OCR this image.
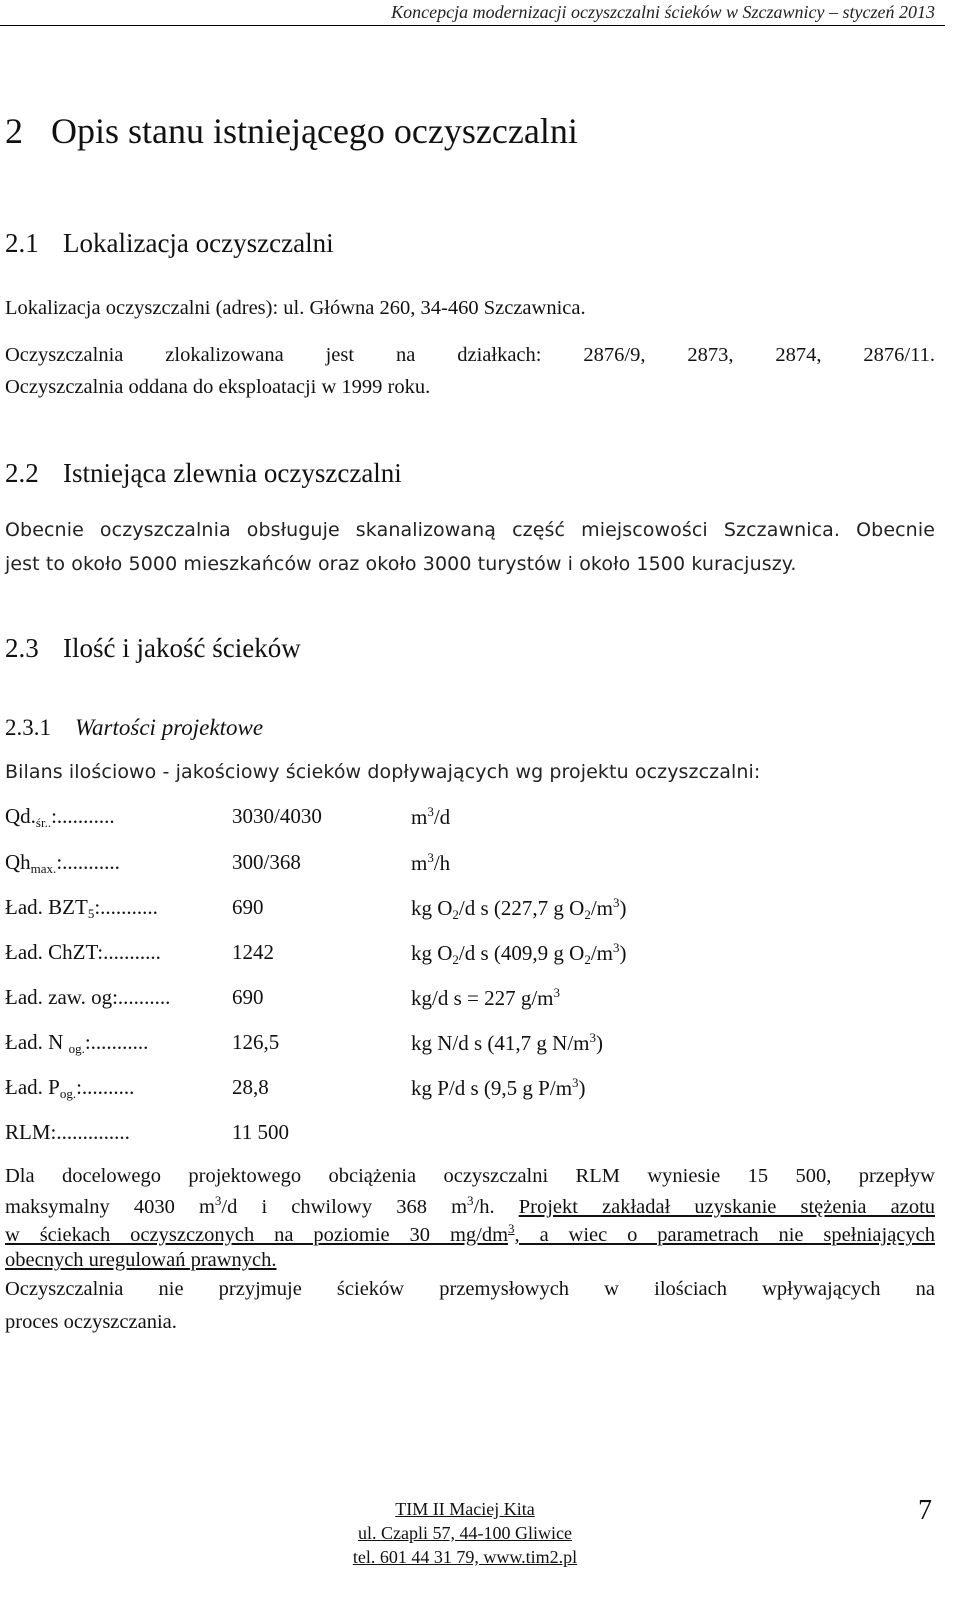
Koncepcja modernizacji oczyszczalni ścieków w Szczawnicy – styczeń 2013
2 Opis stanu istniejącego oczyszczalni
2.1 Lokalizacja oczyszczalni
Lokalizacja oczyszczalni (adres): ul. Główna 260, 34-460 Szczawnica.
Oczyszczalnia zlokalizowana jest na działkach: 2876/9, 2873, 2874, 2876/11.
Oczyszczalnia oddana do eksploatacji w 1999 roku.
2.2 Istniejąca zlewnia oczyszczalni
Obecnie oczyszczalnia obsługuje skanalizowaną część miejscowości Szczawnica. Obecnie
jest to około 5000 mieszkańców oraz około 3000 turystów i około 1500 kuracjuszy.
2.3 Ilość i jakość ścieków
2.3.1 Wartości projektowe
Bilans ilościowo - jakościowy ścieków dopływających wg projektu oczyszczalni:
$Qd._{śr..}$:...........	3030/4030	$m^3/d$
$Qh_{max.}$:...........	300/368	$m^3/h$
Ład. $BZT_5$:...........	690	kg $O_2/d$ s (227,7 g $O_2/m^3$)
Ład. ChZT:...........	1242	kg $O_2/d$ s (409,9 g $O_2/m^3$)
Ład. zaw. og:..........	690	kg/d s = 227 $g/m^3$
Ład. N $_{og.}$:...........	126,5	kg N/d s (41,7 g $N/m^3$)
Ład. $P_{og.}$:..........	28,8	kg P/d s (9,5 g $P/m^3$)
RLM:..............	11 500
Dla docelowego projektowego obciążenia oczyszczalni RLM wyniesie 15 500, przepływ
maksymalny 4030 $m^3/d$ i chwilowy 368 $m^3/h$. Projekt zakładał uzyskanie stężenia azotu
w ściekach oczyszczonych na poziomie 30 $mg/dm^3$, a wiec o parametrach nie spełniających
obecnych uregulowań prawnych.
Oczyszczalnia nie przyjmuje ścieków przemysłowych w ilościach wpływających na
proces oczyszczania.
TIM II Maciej Kita
ul. Czapli 57, 44-100 Gliwice
tel. 601 44 31 79, www.tim2.pl
7
